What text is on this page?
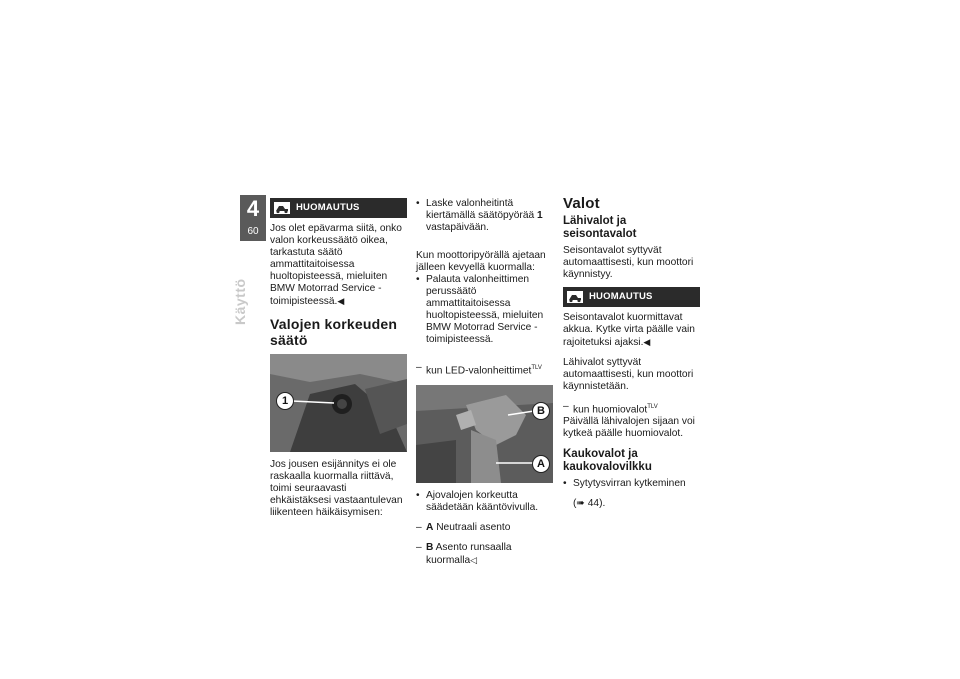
4
60
Käyttö
HUOMAUTUS

Jos olet epävarma siitä, onko valon korkeussäätö oikea, tarkastuta säätö ammattitaitoisessa huoltopisteessä, mieluiten BMW Motorrad Service -toimipisteessä.◀

Valojen korkeuden säätö
1

Jos jousen esijännitys ei ole raskaalla kuormalla riittävä, toimi seuraavasti ehkäistäksesi vastaantulevan liikenteen häikäisymisen:

• Laske valonheitintä kiertämällä säätöpyörää 1 vastapäivään.

Kun moottoripyörällä ajetaan jälleen kevyellä kuormalla:

• Palauta valonheittimen perussäätö ammattitaitoisessa huoltopisteessä, mieluiten BMW Motorrad Service -toimipisteessä.

– kun LED-valonheittimet$^{TLV}$

B
A

• Ajovalojen korkeutta säädetään kääntövivulla.

– A Neutraali asento

– B Asento runsaalla kuormalla◁

Valot
Lähivalot ja seisontavalot

Seisontavalot syttyvät automaattisesti, kun moottori käynnistyy.

HUOMAUTUS

Seisontavalot kuormittavat akkua. Kytke virta päälle vain rajoitetuksi ajaksi.◀

Lähivalot syttyvät automaattisesti, kun moottori käynnistetään.

– kun huomiovalot$^{TLV}$

Päivällä lähivalojen sijaan voi kytkeä päälle huomiovalot.

Kaukovalot ja kaukovalovilkku

• Sytytysvirran kytkeminen

(➠ 44).
